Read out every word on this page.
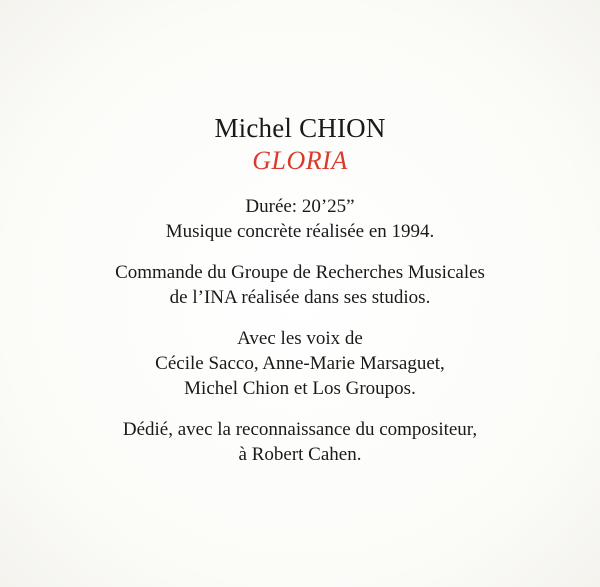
Michel CHION
GLORIA

Durée: 20’25”

Musique concrète réalisée en 1994.

Commande du Groupe de Recherches Musicales

de l’INA réalisée dans ses studios.

Avec les voix de

Cécile Sacco, Anne-Marie Marsaguet,

Michel Chion et Los Groupos.

Dédié, avec la reconnaissance du compositeur,

à Robert Cahen.
